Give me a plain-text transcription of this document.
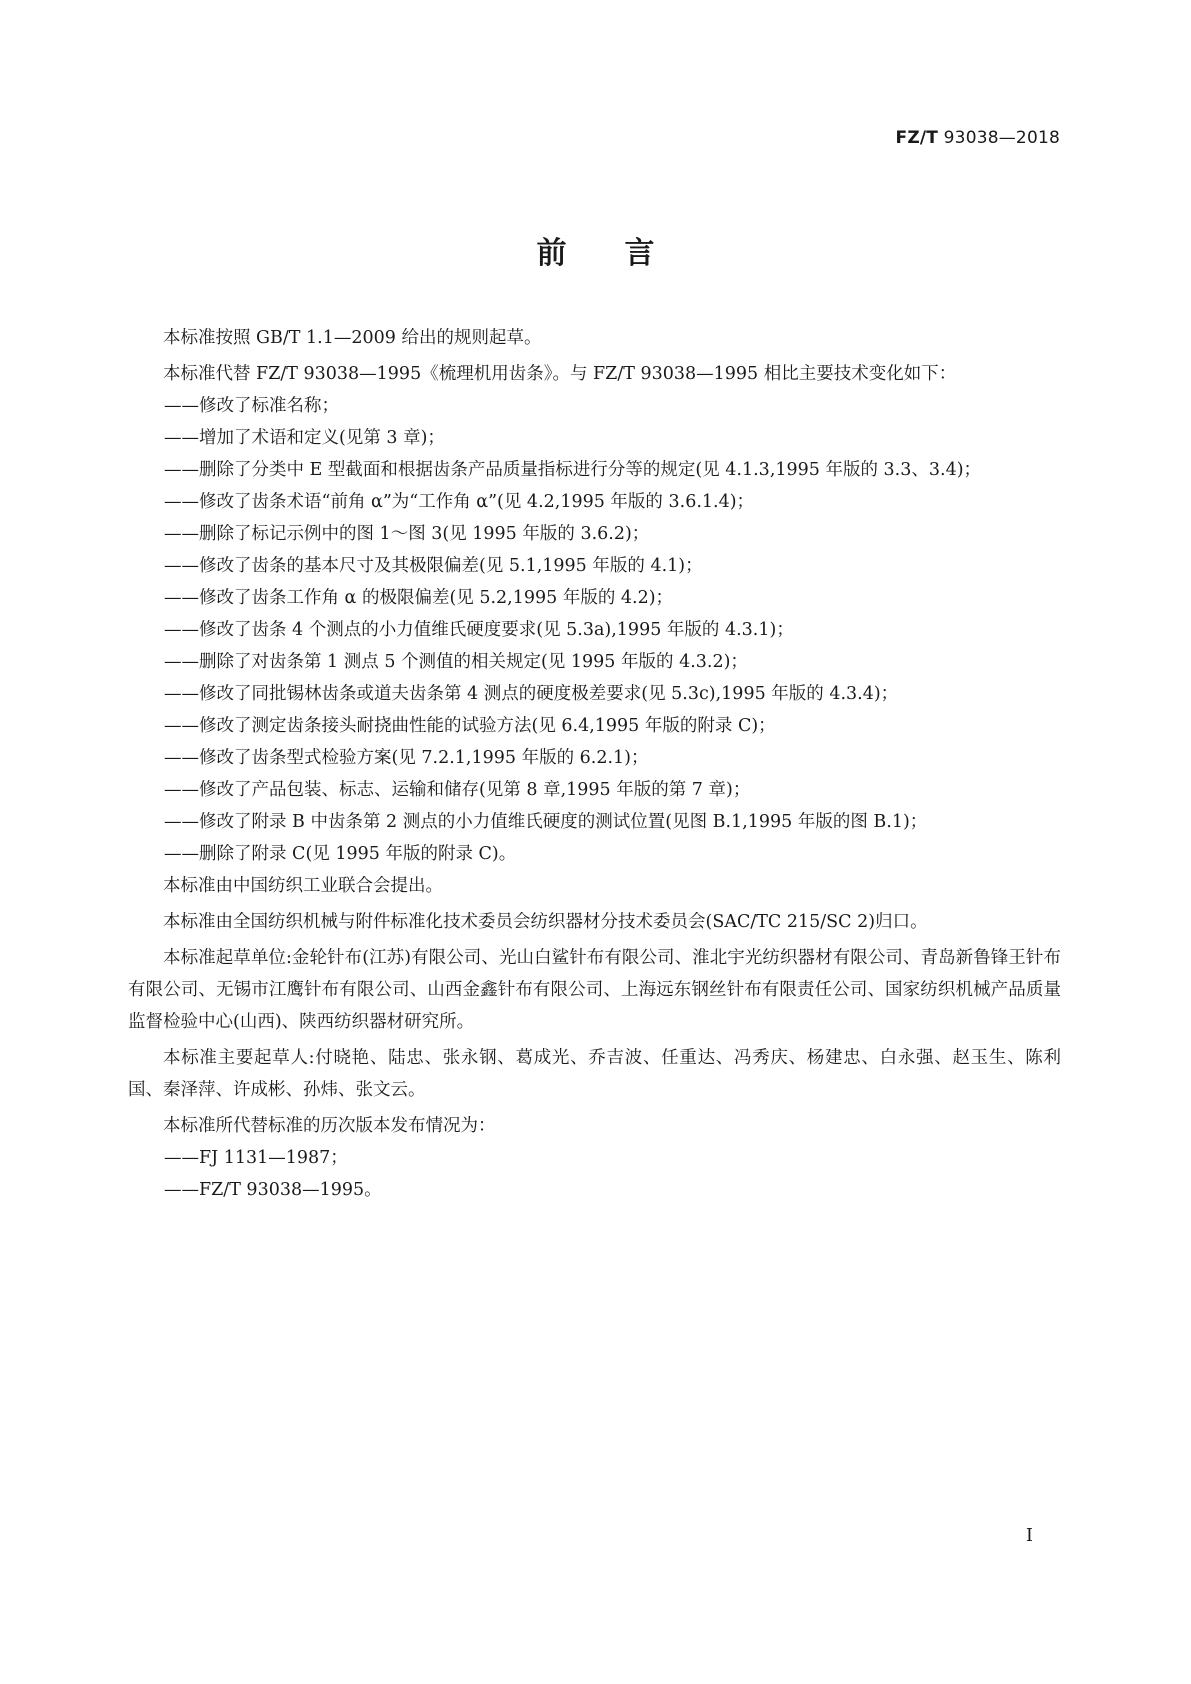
FZ/T 93038—2018
前言

本标准按照 GB/T 1.1—2009 给出的规则起草。

本标准代替 FZ/T 93038—1995《梳理机用齿条》。与 FZ/T 93038—1995 相比主要技术变化如下：

——修改了标准名称；

——增加了术语和定义(见第 3 章)；

——删除了分类中 E 型截面和根据齿条产品质量指标进行分等的规定(见 4.1.3,1995 年版的 3.3、3.4)；

——修改了齿条术语“前角 α”为“工作角 α”(见 4.2,1995 年版的 3.6.1.4)；

——删除了标记示例中的图 1～图 3(见 1995 年版的 3.6.2)；

——修改了齿条的基本尺寸及其极限偏差(见 5.1,1995 年版的 4.1)；

——修改了齿条工作角 α 的极限偏差(见 5.2,1995 年版的 4.2)；

——修改了齿条 4 个测点的小力值维氏硬度要求(见 5.3a),1995 年版的 4.3.1)；

——删除了对齿条第 1 测点 5 个测值的相关规定(见 1995 年版的 4.3.2)；

——修改了同批锡林齿条或道夫齿条第 4 测点的硬度极差要求(见 5.3c),1995 年版的 4.3.4)；

——修改了测定齿条接头耐挠曲性能的试验方法(见 6.4,1995 年版的附录 C)；

——修改了齿条型式检验方案(见 7.2.1,1995 年版的 6.2.1)；

——修改了产品包装、标志、运输和储存(见第 8 章,1995 年版的第 7 章)；

——修改了附录 B 中齿条第 2 测点的小力值维氏硬度的测试位置(见图 B.1,1995 年版的图 B.1)；

——删除了附录 C(见 1995 年版的附录 C)。

本标准由中国纺织工业联合会提出。

本标准由全国纺织机械与附件标准化技术委员会纺织器材分技术委员会(SAC/TC 215/SC 2)归口。

本标准起草单位:金轮针布(江苏)有限公司、光山白鲨针布有限公司、淮北宇光纺织器材有限公司、青岛新鲁锋王针布有限公司、无锡市江鹰针布有限公司、山西金鑫针布有限公司、上海远东钢丝针布有限责任公司、国家纺织机械产品质量监督检验中心(山西)、陕西纺织器材研究所。

本标准主要起草人:付晓艳、陆忠、张永钢、葛成光、乔吉波、任重达、冯秀庆、杨建忠、白永强、赵玉生、陈利国、秦泽萍、许成彬、孙炜、张文云。

本标准所代替标准的历次版本发布情况为：

——FJ 1131—1987；

——FZ/T 93038—1995。

I
